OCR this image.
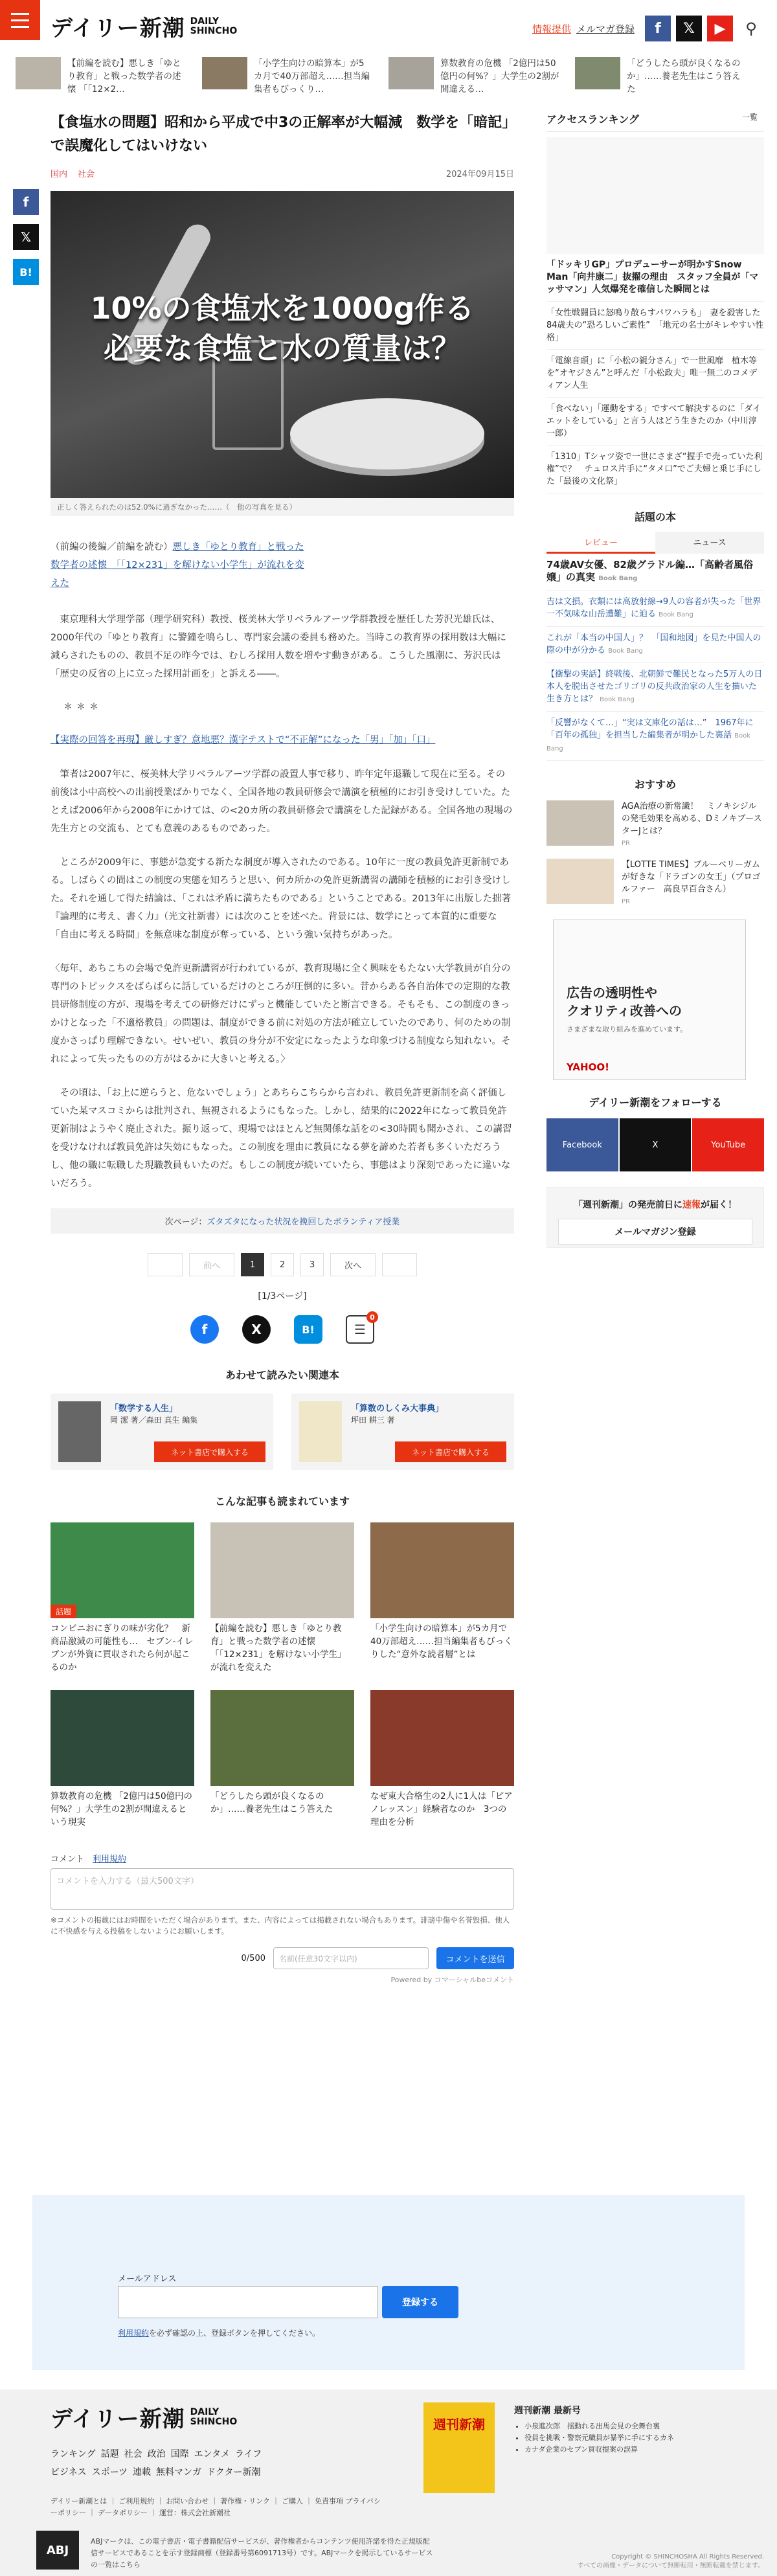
デイリー新潮 DAILY
SHINCHO	情報提供 メルマガ登録	f	𝕏	▶	⚲
【前編を読む】悪しき「ゆとり教育」と戦った数学者の述懐 「「12×2…
「小学生向けの暗算本」が5カ月で40万部超え……担当編集者もびっくり…
算数教育の危機 「2億円は50億円の何%？」大学生の2割が間違える…
「どうしたら頭が良くなるのか」……養老先生はこう答えた
f
𝕏
B!
【食塩水の問題】昭和から平成で中3の正解率が大幅減　数学を「暗記」で誤魔化してはいけない
国内 社会	2024年09月15日
10%の食塩水を1000g作る
必要な食塩と水の質量は？
正しく答えられたのは52.0%に過ぎなかった……（　他の写真を見る）

（前編の後編／前編を読む）悪しき「ゆとり教育」と戦った数学者の述懐　「「12×231」を解けない小学生」が流れを変えた

　東京理科大学理学部（理学研究科）教授、桜美林大学リベラルアーツ学群教授を歴任した芳沢光雄氏は、2000年代の「ゆとり教育」に警鐘を鳴らし、専門家会議の委員も務めた。当時この教育界の採用数は大幅に減らされたものの、教員不足の昨今では、むしろ採用人数を増やす動きがある。こうした風潮に、芳沢氏は「歴史の反省の上に立った採用計画を」と訴える――。

＊＊＊

【実際の回答を再現】厳しすぎ？意地悪？漢字テストで“不正解”になった「男」「加」「口」

　筆者は2007年に、桜美林大学リベラルアーツ学群の設置人事で移り、昨年定年退職して現在に至る。その前後は小中高校への出前授業ばかりでなく、全国各地の教員研修会で講演を積極的にお引き受けしていた。たとえば2006年から2008年にかけては、の<20カ所の教員研修会で講演をした記録がある。全国各地の現場の先生方との交流も、とても意義のあるものであった。

　ところが2009年に、事態が急変する新たな制度が導入されたのである。10年に一度の教員免許更新制である。しばらくの間はこの制度の実態を知ろうと思い、何カ所かの免許更新講習の講師を積極的にお引き受けした。それを通して得た結論は、「これは矛盾に満ちたものである」ということである。2013年に出版した拙著『論理的に考え、書く力』（光文社新書）には次のことを述べた。背景には、数学にとって本質的に重要な「自由に考える時間」を無意味な制度が奪っている、という強い気持ちがあった。

〈毎年、あちこちの会場で免許更新講習が行われているが、教育現場に全く興味をもたない大学教員が自分の専門のトピックスをばらばらに話しているだけのところが圧倒的に多い。昔からある各自治体での定期的な教員研修制度の方が、現場を考えての研修だけにずっと機能していたと断言できる。そもそも、この制度のきっかけとなった「不適格教員」の問題は、制度ができる前に対処の方法が確立していたのであり、何のための制度かさっぱり理解できない。せいぜい、教員の身分が不安定になったような印象づける制度なら知れない。それによって失ったものの方がはるかに大きいと考える。〉

　その頃は、「お上に逆らうと、危ないでしょう」とあちらこちらから言われ、教員免許更新制を高く評価していた某マスコミからは批判され、無視されるようにもなった。しかし、結果的に2022年になって教員免許更新制はようやく廃止された。振り返って、現場ではほとんど無関係な話をの<30時間も聞かされ、この講習を受けなければ教員免許は失効にもなった。この制度を理由に教員になる夢を諦めた若者も多くいただろうし、他の職に転職した現職教員もいたのだ。もしこの制度が続いていたら、事態はより深刻であったに違いないだろう。

次ページ：ズタズタになった状況を挽回したボランティア授業
前へ	1	2	3	次へ
[1/3ページ]
f	X	B!	☰
0
あわせて読みたい関連本
「数学する人生」
岡 潔 著／森田 真生 編集
ネット書店で購入する
「算数のしくみ大事典」
坪田 耕三 著
ネット書店で購入する
こんな記事も読まれています
話題

コンビニおにぎりの味が劣化？　新商品激減の可能性も…　セブン-イレブンが外資に買収されたら何が起こるのか

【前編を読む】悪しき「ゆとり教育」と戦った数学者の述懐 「「12×231」を解けない小学生」が流れを変えた

「小学生向けの暗算本」が5カ月で40万部超え……担当編集者もびっくりした“意外な読者層”とは

算数教育の危機 「2億円は50億円の何%？」大学生の2割が間違えるという現実

「どうしたら頭が良くなるのか」……養老先生はこう答えた

なぜ東大合格生の2人に1人は「ピアノレッスン」経験者なのか　3つの理由を分析

コメント　 利用規約
コメントを入力する（最大500文字）

※コメントの掲載にはお時間をいただく場合があります。また、内容によっては掲載されない場合もあります。誹謗中傷や名誉毀損、他人に不快感を与える投稿をしないようにお願いします。

0/500	名前(任意30文字以内)	コメントを送信
Powered by コマーシャルbeコメント
アクセスランキング	一覧
「ドッキリGP」プロデューサーが明かすSnow Man「向井康二」抜擢の理由　スタッフ全員が「マッサマン」人気爆発を確信した瞬間とは
「女性戦闘員に怒鳴り散らすパワハラも」　妻を殺害した84歳夫の“恐ろしいご素性”　「地元の名士がキレやすい性格」
「電線音頭」に「小松の親分さん」で一世風靡　植木等を“オヤジさん”と呼んだ「小松政夫」唯一無二のコメディアン人生
「食べない」「運動をする」ですべて解決するのに「ダイエットをしている」と言う人はどう生きたのか（中川淳一郎）
「1310」Tシャツ姿で一世にさまざ“握手で売っていた利権”で？　チュロス片手に“タメ口”でご夫婦と乗じ手にした「最後の文化祭」
話題の本
レビュー	ニュース
74歳AV女優、82歳グラドル編…「高齢者風俗嬢」の真実 Book Bang
吉は文損。衣類には高放射線→9人の容者が失った「世界一不気味な山岳遭難」に迫る Book Bang
これが「本当の中国人」？　「国和地図」を見た中国人の際の中が分かる Book Bang
【衝撃の実話】終戦後、北朝鮮で難民となった5万人の日本人を脱出させたゴリゴリの反共政治家の人生を描いた生き方とは？ Book Bang
「反響がなくて…」“実は文庫化の話は…”　1967年に「百年の孤独」を担当した編集者が明かした裏話 Book Bang
おすすめ
AGA治療の新常識！　ミノキシジルの発毛効果を高める、DミノキブースターJとは？
PR
【LOTTE TIMES】ブルーベリーガムが好きな「ドラゴンの女王」（プロゴルファー　高良早百合さん）
PR
広告の透明性や
クオリティ改善への
さまざまな取り組みを進めています。
YAHOO!
デイリー新潮をフォローする
Facebook	X	YouTube
「週刊新潮」の発売前日に速報が届く！
メールマガジン登録
メールアドレス
登録する
利用規約を必ず確認の上、登録ボタンを押してください。
デイリー新潮 DAILY
SHINCHO
ランキング 話題 社会 政治 国際 エンタメ ライフ
ビジネス スポーツ 連載 無料マンガ ドクター新潮
デイリー新潮とは ｜ ご利用規約 ｜ お問い合わせ ｜ 著作権・リンク ｜ ご購入 ｜ 免責事項 プライバシーポリシー ｜ データポリシー ｜ 運営：株式会社新潮社
ABJ
ABJマークは、この電子書店・電子書籍配信サービスが、著作権者からコンテンツ使用許諾を得た正規版配信サービスであることを示す登録商標（登録番号第6091713号）です。ABJマークを掲示しているサービスの一覧はこちら
週刊新潮
週刊新潮 最新号
• 小泉進次郎　揺動れる出馬会見の全舞台裏
• 役員を挑戦・警察元職員が暴挙に手にするカネ
• カナダ企業のセブン買収提案の誤算
Copyright © SHINCHOSHA All Rights Reserved.
すべての画像・データについて無断転用・無断転載を禁じます。
